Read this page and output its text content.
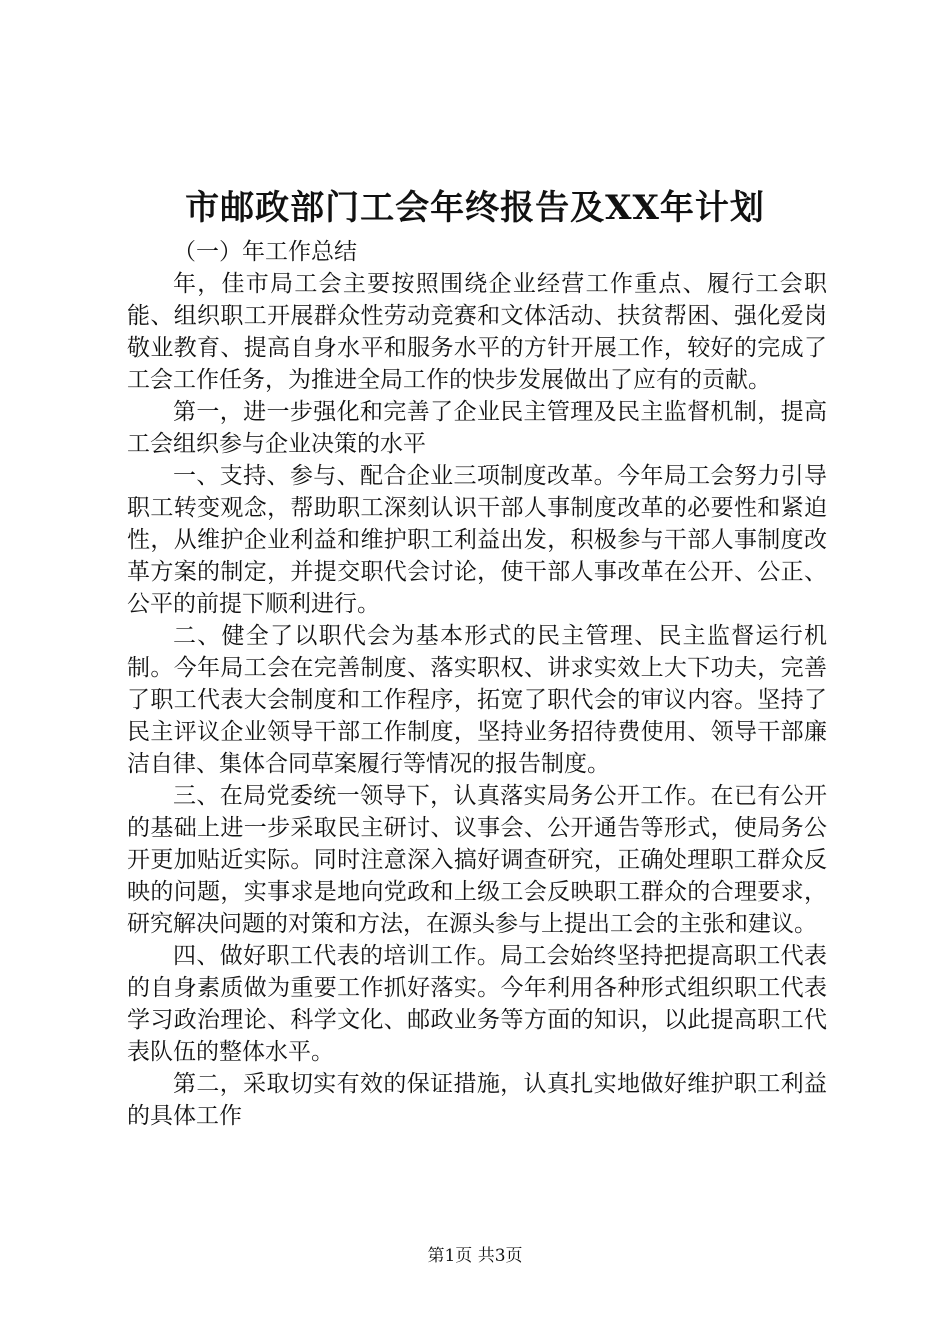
市邮政部门工会年终报告及XX年计划

（一）年工作总结

年，佳市局工会主要按照围绕企业经营工作重点、履行工会职能、组织职工开展群众性劳动竞赛和文体活动、扶贫帮困、强化爱岗敬业教育、提高自身水平和服务水平的方针开展工作，较好的完成了工会工作任务，为推进全局工作的快步发展做出了应有的贡献。

第一，进一步强化和完善了企业民主管理及民主监督机制，提高工会组织参与企业决策的水平

一、支持、参与、配合企业三项制度改革。今年局工会努力引导职工转变观念，帮助职工深刻认识干部人事制度改革的必要性和紧迫性，从维护企业利益和维护职工利益出发，积极参与干部人事制度改革方案的制定，并提交职代会讨论，使干部人事改革在公开、公正、公平的前提下顺利进行。

二、健全了以职代会为基本形式的民主管理、民主监督运行机制。今年局工会在完善制度、落实职权、讲求实效上大下功夫，完善了职工代表大会制度和工作程序，拓宽了职代会的审议内容。坚持了民主评议企业领导干部工作制度，坚持业务招待费使用、领导干部廉洁自律、集体合同草案履行等情况的报告制度。

三、在局党委统一领导下，认真落实局务公开工作。在已有公开的基础上进一步采取民主研讨、议事会、公开通告等形式，使局务公开更加贴近实际。同时注意深入搞好调查研究，正确处理职工群众反映的问题，实事求是地向党政和上级工会反映职工群众的合理要求，研究解决问题的对策和方法，在源头参与上提出工会的主张和建议。

四、做好职工代表的培训工作。局工会始终坚持把提高职工代表的自身素质做为重要工作抓好落实。今年利用各种形式组织职工代表学习政治理论、科学文化、邮政业务等方面的知识，以此提高职工代表队伍的整体水平。

第二，采取切实有效的保证措施，认真扎实地做好维护职工利益的具体工作

第1页 共3页
